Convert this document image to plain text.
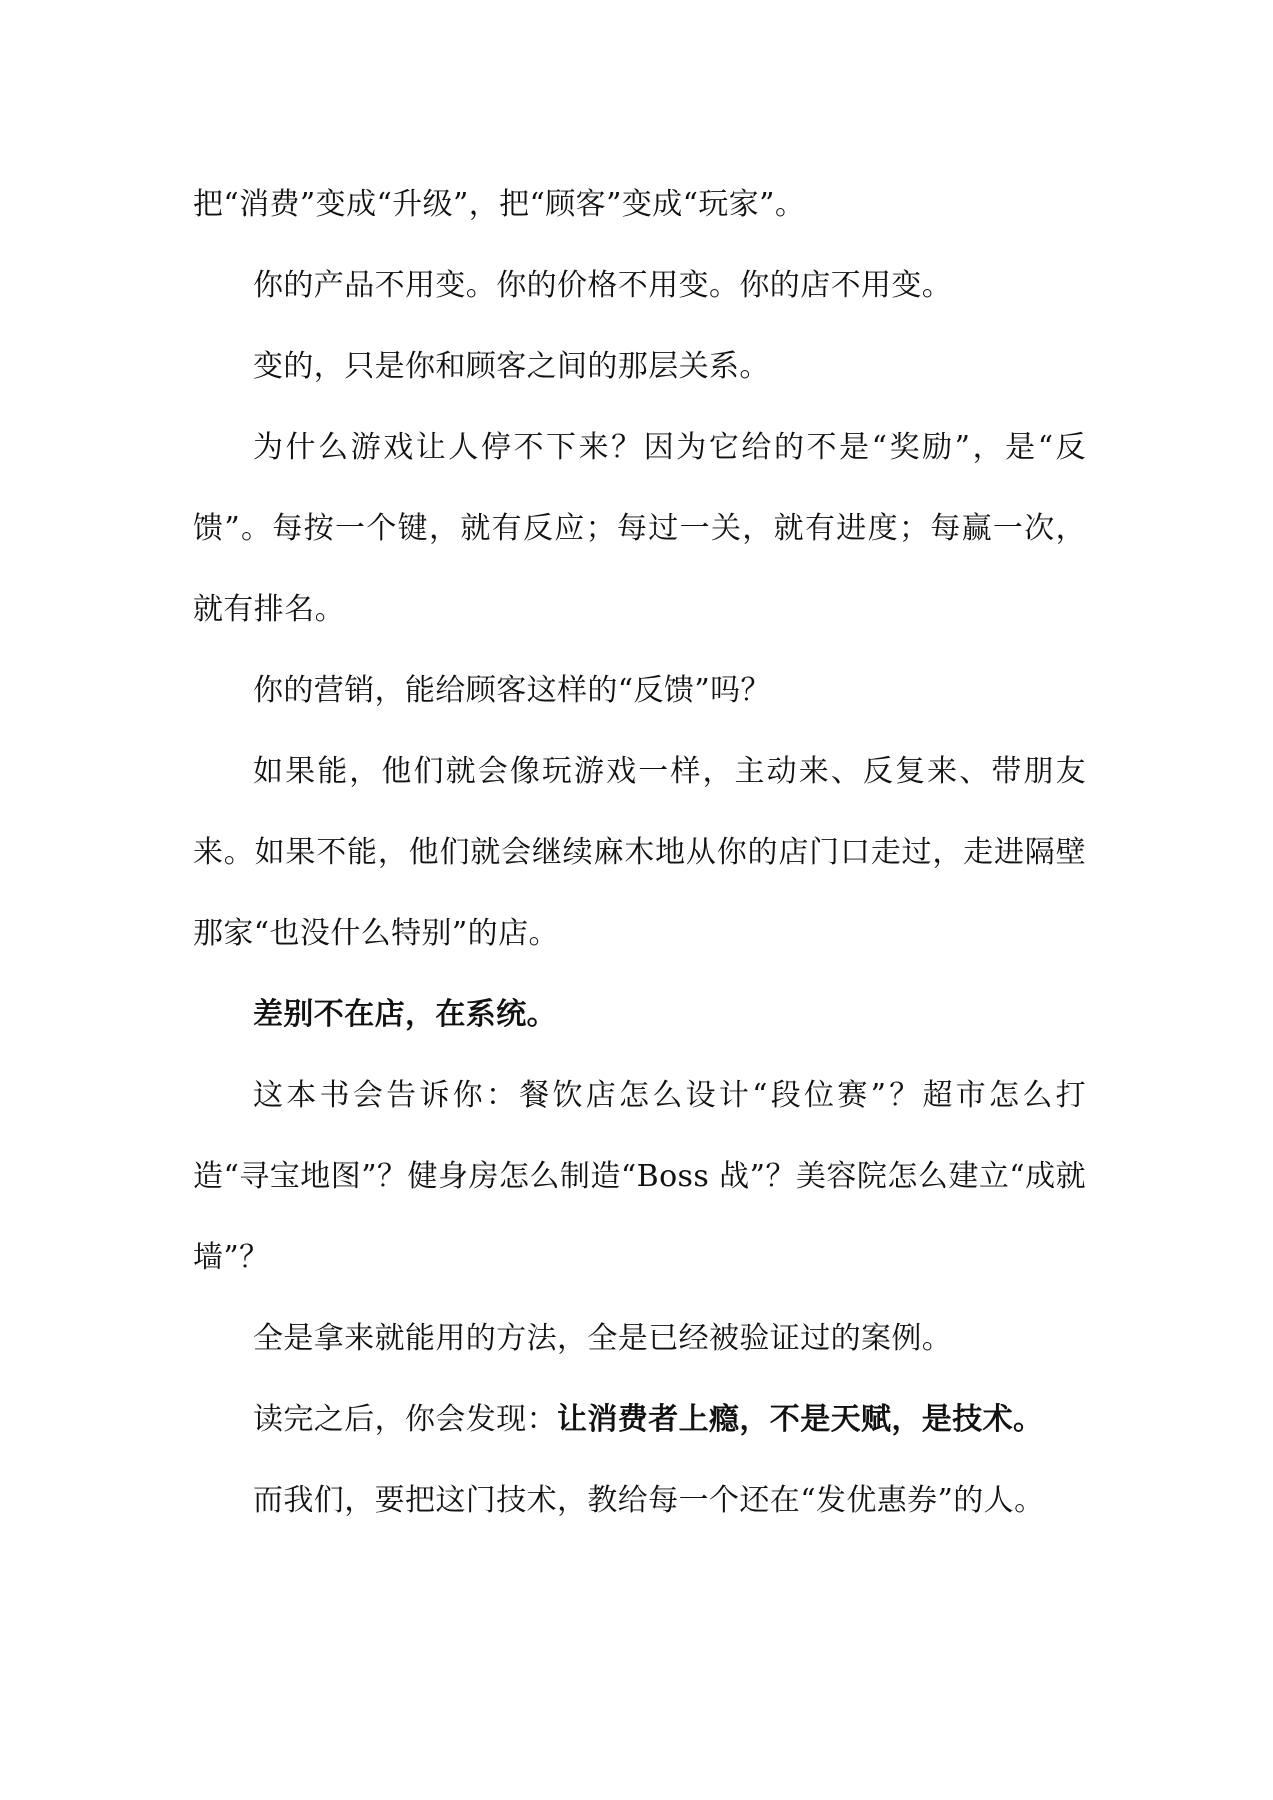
把“消费”变成“升级”，把“顾客”变成“玩家”。

你的产品不用变。你的价格不用变。你的店不用变。

变的，只是你和顾客之间的那层关系。

为什么游戏让人停不下来？因为它给的不是“奖励”，是“反馈”。每按一个键，就有反应；每过一关，就有进度；每赢一次，就有排名。

你的营销，能给顾客这样的“反馈”吗？

如果能，他们就会像玩游戏一样，主动来、反复来、带朋友来。如果不能，他们就会继续麻木地从你的店门口走过，走进隔壁那家“也没什么特别”的店。

差别不在店，在系统。

这本书会告诉你：餐饮店怎么设计“段位赛”？超市怎么打造“寻宝地图”？健身房怎么制造“Boss 战”？美容院怎么建立“成就墙”？

全是拿来就能用的方法，全是已经被验证过的案例。

读完之后，你会发现：让消费者上瘾，不是天赋，是技术。

而我们，要把这门技术，教给每一个还在“发优惠券”的人。
